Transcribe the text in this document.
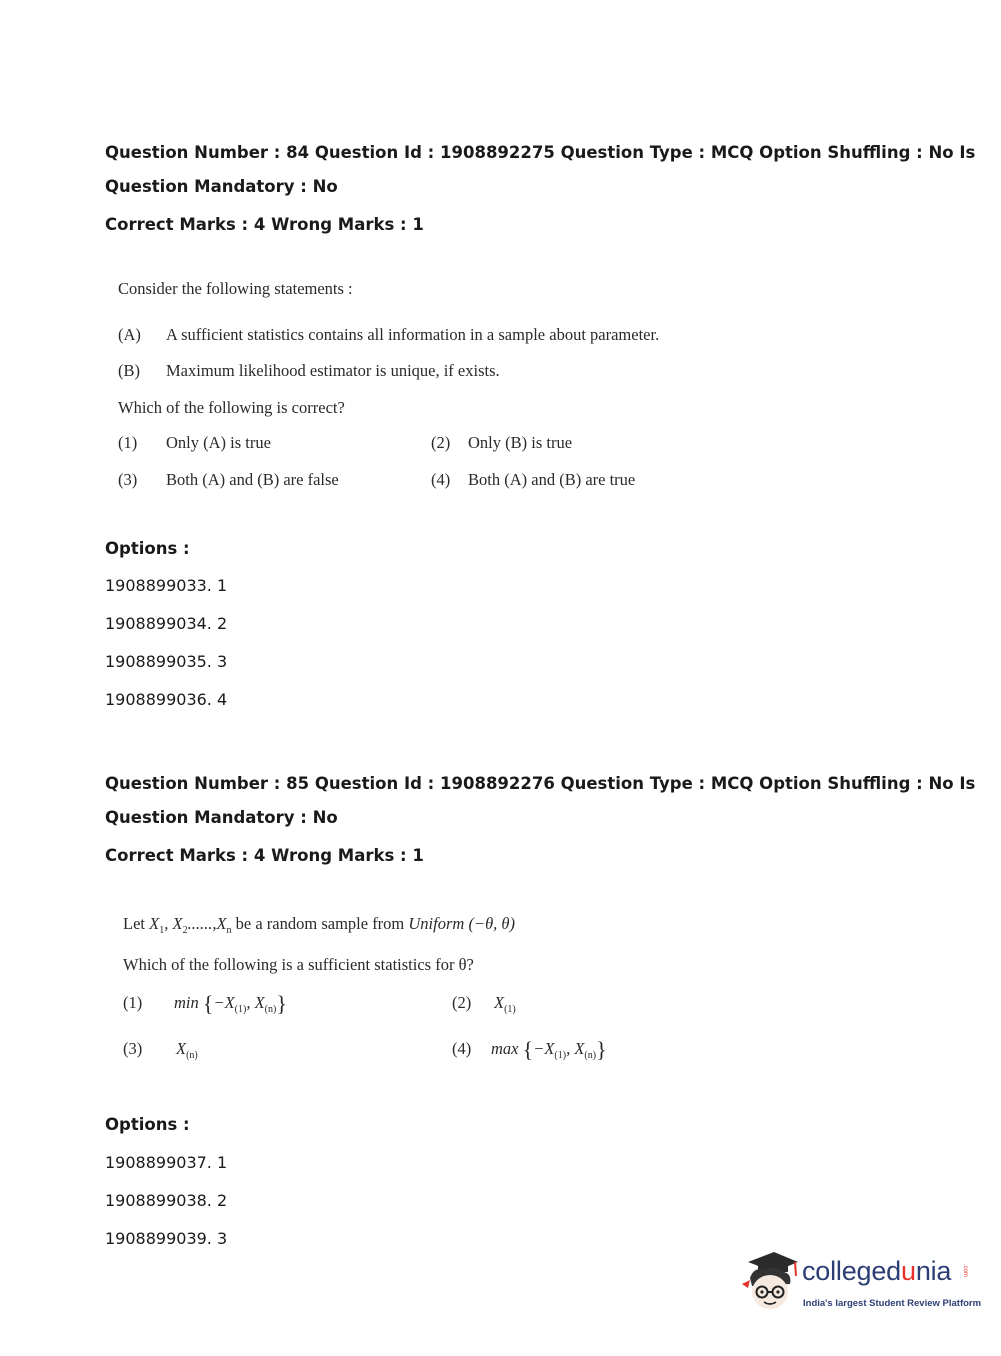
Question Number : 84 Question Id : 1908892275 Question Type : MCQ Option Shuffling : No Is
Question Mandatory : No
Correct Marks : 4 Wrong Marks : 1
Consider the following statements :
(A) A sufficient statistics contains all information in a sample about parameter.
(B) Maximum likelihood estimator is unique, if exists.
Which of the following is correct?
(1) Only (A) is true	(2) Only (B) is true
(3) Both (A) and (B) are false	(4) Both (A) and (B) are true
Options :
1908899033. 1
1908899034. 2
1908899035. 3
1908899036. 4
Question Number : 85 Question Id : 1908892276 Question Type : MCQ Option Shuffling : No Is
Question Mandatory : No
Correct Marks : 4 Wrong Marks : 1
Let $X_1$, $X_2......,X_n$ be a random sample from Uniform (−θ, θ)
Which of the following is a sufficient statistics for θ?
(1) $\min \{-X_{(1)}$, $X_{(n)}$}	(2) $X_{(1)}$
(3) $X_{(n)}$	(4) $\max \{-X_{(1)}$, $X_{(n)}$}
Options :
1908899037. 1
1908899038. 2
1908899039. 3
collegedunia .com
India's largest Student Review Platform
